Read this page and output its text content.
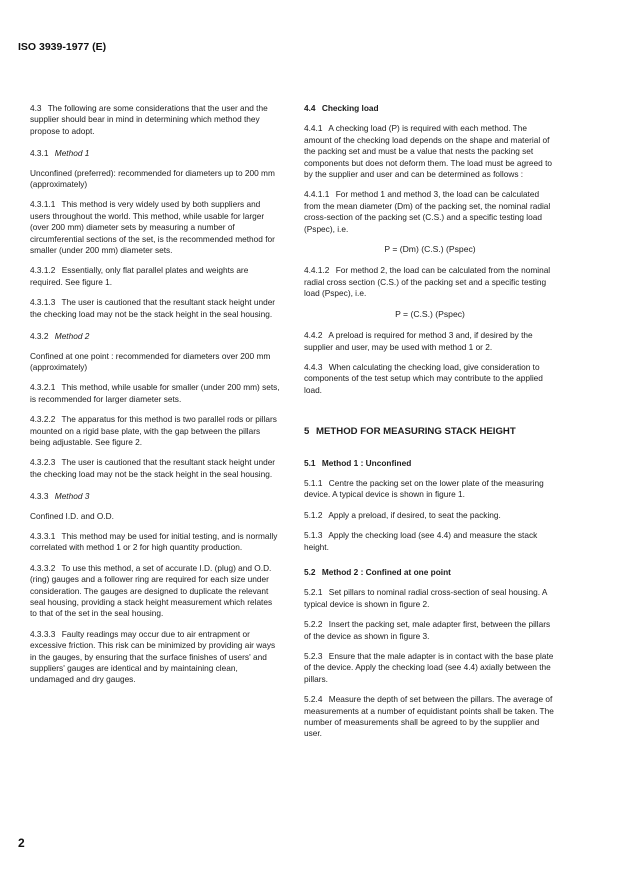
ISO 3939-1977 (E)

4.3 The following are some considerations that the user and the supplier should bear in mind in determining which method they propose to adopt.

4.3.1 Method 1

Unconfined (preferred): recommended for diameters up to 200 mm (approximately)

4.3.1.1 This method is very widely used by both suppliers and users throughout the world. This method, while usable for larger (over 200 mm) diameter sets by measuring a number of circumferential sections of the set, is the recommended method for smaller (under 200 mm) diameter sets.

4.3.1.2 Essentially, only flat parallel plates and weights are required. See figure 1.

4.3.1.3 The user is cautioned that the resultant stack height under the checking load may not be the stack height in the seal housing.

4.3.2 Method 2

Confined at one point : recommended for diameters over 200 mm (approximately)

4.3.2.1 This method, while usable for smaller (under 200 mm) sets, is recommended for larger diameter sets.

4.3.2.2 The apparatus for this method is two parallel rods or pillars mounted on a rigid base plate, with the gap between the pillars being adjustable. See figure 2.

4.3.2.3 The user is cautioned that the resultant stack height under the checking load may not be the stack height in the seal housing.

4.3.3 Method 3

Confined I.D. and O.D.

4.3.3.1 This method may be used for initial testing, and is normally correlated with method 1 or 2 for high quantity production.

4.3.3.2 To use this method, a set of accurate I.D. (plug) and O.D. (ring) gauges and a follower ring are required for each size under consideration. The gauges are designed to duplicate the relevant seal housing, providing a stack height measurement which relates to that of the set in the seal housing.

4.3.3.3 Faulty readings may occur due to air entrapment or excessive friction. This risk can be minimized by providing air ways in the gauges, by ensuring that the surface finishes of users' and suppliers' gauges are identical and by maintaining clean, undamaged and dry gauges.

4.4 Checking load

4.4.1 A checking load (P) is required with each method. The amount of the checking load depends on the shape and material of the packing set and must be a value that nests the packing set components but does not deform them. The load must be agreed to by the supplier and user and can be determined as follows :

4.4.1.1 For method 1 and method 3, the load can be calculated from the mean diameter (Dm) of the packing set, the nominal radial cross-section of the packing set (C.S.) and a specific testing load (Pspec), i.e.

P = (Dm) (C.S.) (Pspec)

4.4.1.2 For method 2, the load can be calculated from the nominal radial cross section (C.S.) of the packing set and a specific testing load (Pspec), i.e.

P = (C.S.) (Pspec)

4.4.2 A preload is required for method 3 and, if desired by the supplier and user, may be used with method 1 or 2.

4.4.3 When calculating the checking load, give consideration to components of the test setup which may contribute to the applied load.

5 METHOD FOR MEASURING STACK HEIGHT

5.1 Method 1 : Unconfined

5.1.1 Centre the packing set on the lower plate of the measuring device. A typical device is shown in figure 1.

5.1.2 Apply a preload, if desired, to seat the packing.

5.1.3 Apply the checking load (see 4.4) and measure the stack height.

5.2 Method 2 : Confined at one point

5.2.1 Set pillars to nominal radial cross-section of seal housing. A typical device is shown in figure 2.

5.2.2 Insert the packing set, male adapter first, between the pillars of the device as shown in figure 3.

5.2.3 Ensure that the male adapter is in contact with the base plate of the device. Apply the checking load (see 4.4) axially between the pillars.

5.2.4 Measure the depth of set between the pillars. The average of measurements at a number of equidistant points shall be taken. The number of measurements shall be agreed to by the supplier and user.

2
